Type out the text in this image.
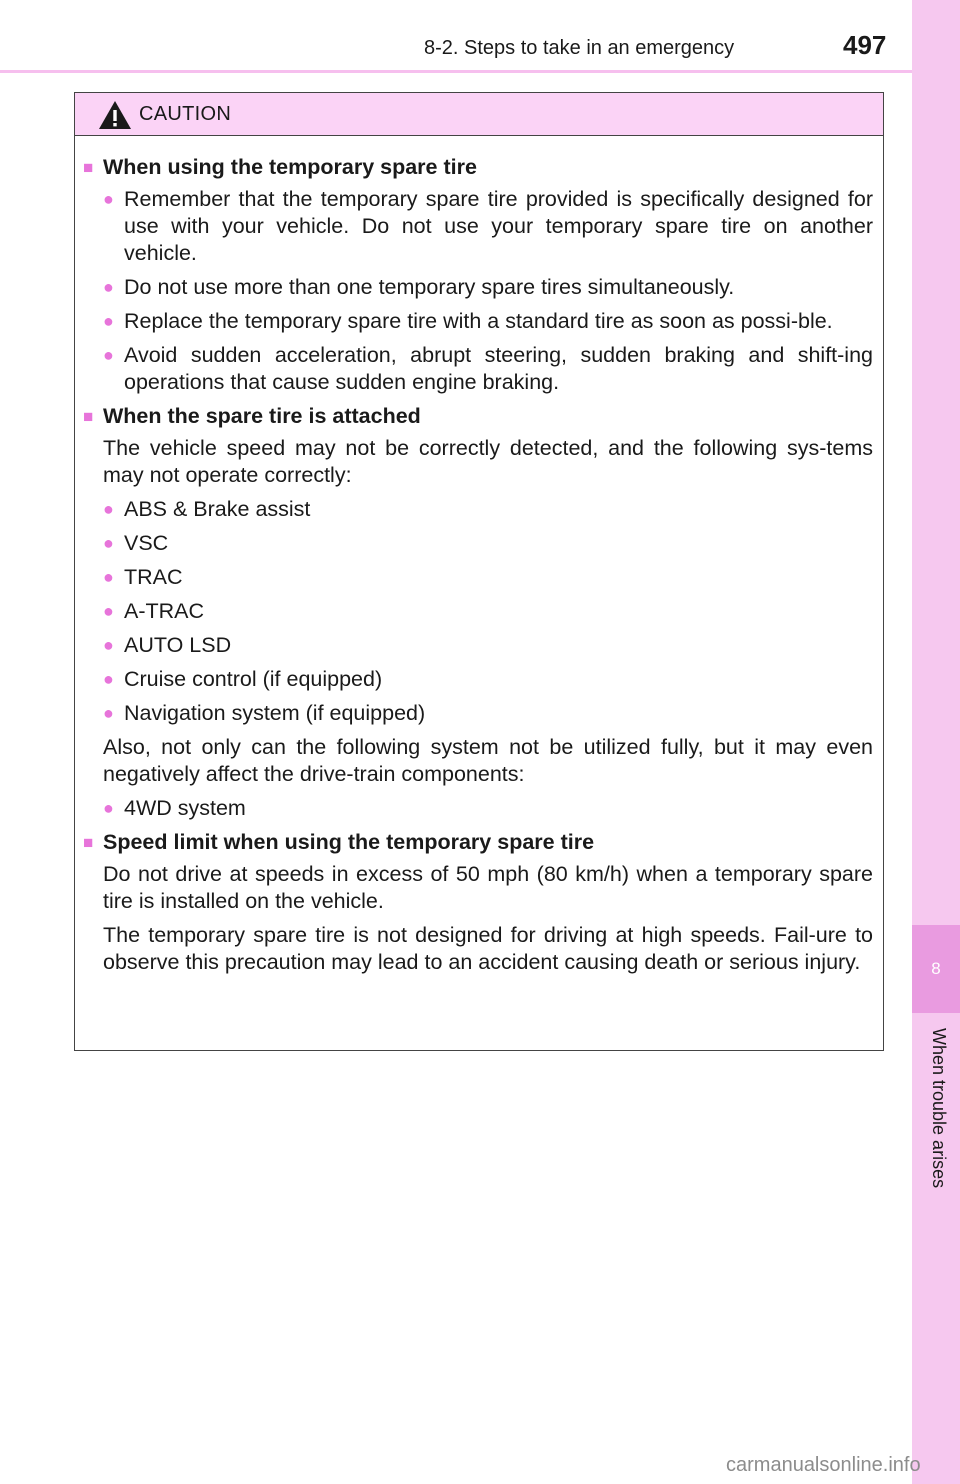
8
When trouble arises
8-2. Steps to take in an emergency	497
CAUTION
■ When using the temporary spare tire
● Remember that the temporary spare tire provided is specifically designed for use with your vehicle. Do not use your temporary spare tire on another vehicle.
● Do not use more than one temporary spare tires simultaneously.
● Replace the temporary spare tire with a standard tire as soon as possi-ble.
● Avoid sudden acceleration, abrupt steering, sudden braking and shift-ing operations that cause sudden engine braking.
■ When the spare tire is attached
The vehicle speed may not be correctly detected, and the following sys-tems may not operate correctly:
● ABS & Brake assist
● VSC
● TRAC
● A-TRAC
● AUTO LSD
● Cruise control (if equipped)
● Navigation system (if equipped)
Also, not only can the following system not be utilized fully, but it may even negatively affect the drive-train components:
● 4WD system
■ Speed limit when using the temporary spare tire
Do not drive at speeds in excess of 50 mph (80 km/h) when a temporary spare tire is installed on the vehicle.
The temporary spare tire is not designed for driving at high speeds. Fail-ure to observe this precaution may lead to an accident causing death or serious injury.
carmanualsonline.info
